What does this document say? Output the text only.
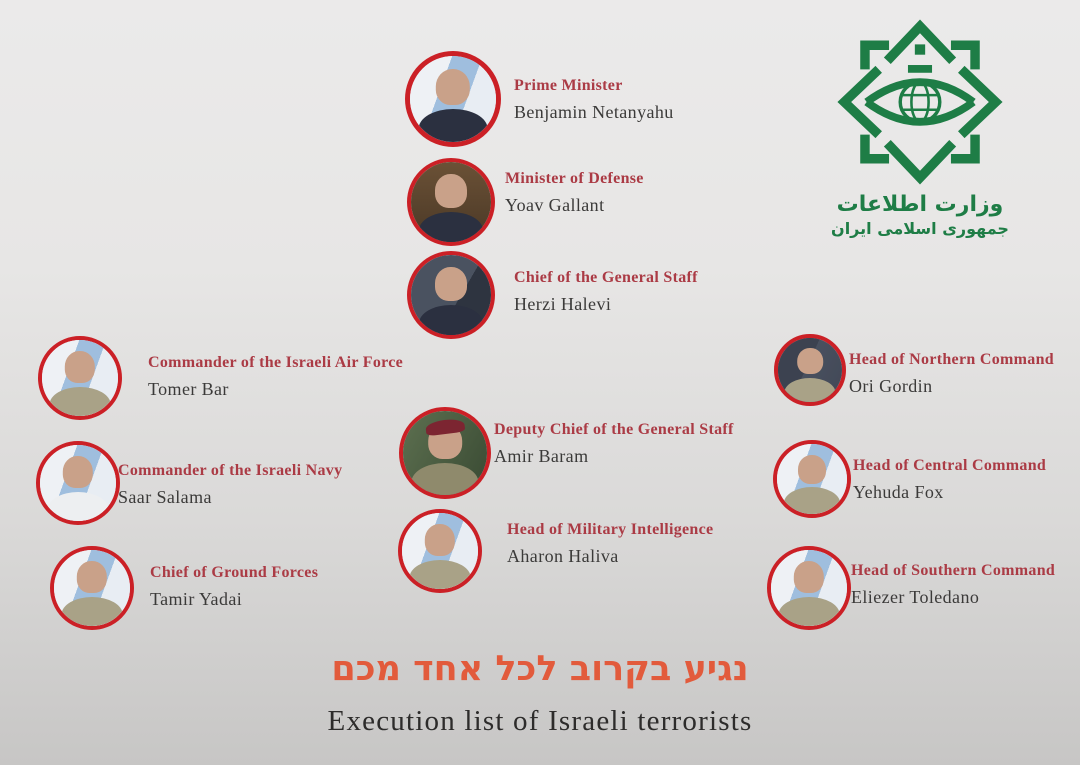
Prime Minister

Benjamin Netanyahu

Minister of Defense

Yoav Gallant

Chief of the General Staff

Herzi Halevi

Commander of the Israeli Air Force

Tomer Bar

Commander of the Israeli Navy

Saar Salama

Chief of Ground Forces

Tamir Yadai

Deputy Chief of the General Staff

Amir Baram

Head of Military Intelligence

Aharon Haliva

Head of Northern Command

Ori Gordin

Head of Central Command

Yehuda Fox

Head of Southern Command

Eliezer Toledano

وزارت اطلاعات
جمهوری اسلامی ایران
נגיע בקרוב לכל אחד מכם
Execution list of Israeli terrorists
